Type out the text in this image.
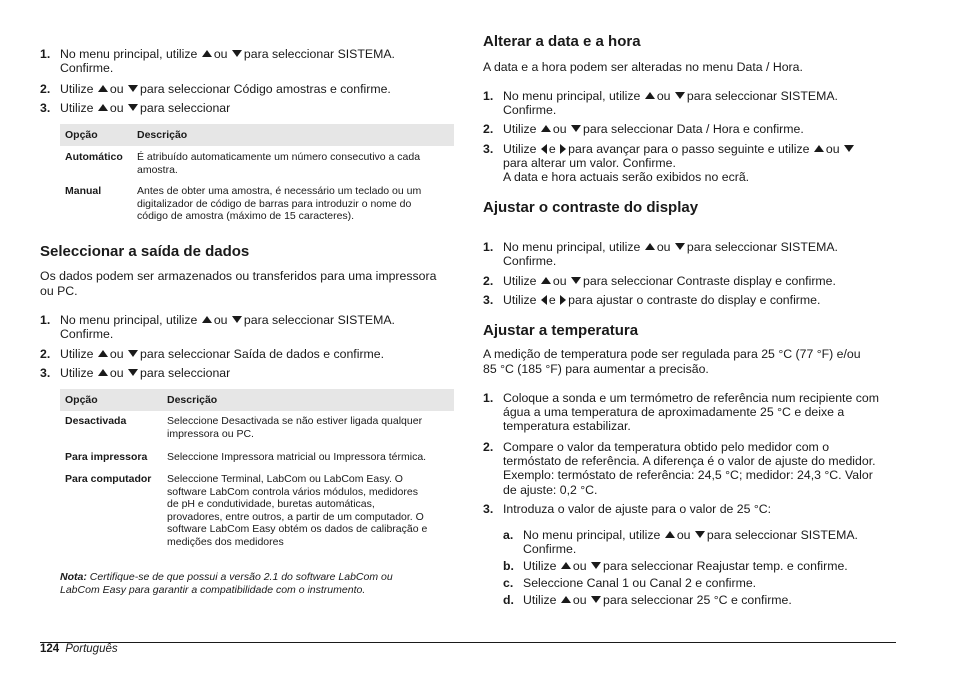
1. No menu principal, utilize ou para seleccionar SISTEMA.
Confirme.
2. Utilize ou para seleccionar Código amostras e confirme.
3. Utilize ou para seleccionar
Opção	Descrição
Automático É atribuído automaticamente um número consecutivo a cada
amostra.
Manual	Antes de obter uma amostra, é necessário um teclado ou um
digitalizador de código de barras para introduzir o nome do
código de amostra (máximo de 15 caracteres).
Seleccionar a saída de dados
Os dados podem ser armazenados ou transferidos para uma impressora
ou PC.
1. No menu principal, utilize ou para seleccionar SISTEMA.
Confirme.
2. Utilize ou para seleccionar Saída de dados e confirme.
3. Utilize ou para seleccionar
Opção	Descrição
Desactivada	Seleccione Desactivada se não estiver ligada qualquer
impressora ou PC.
Para impressora Seleccione Impressora matricial ou Impressora térmica.
Para computador Seleccione Terminal, LabCom ou LabCom Easy. O
software LabCom controla vários módulos, medidores
de pH e condutividade, buretas automáticas,
provadores, entre outros, a partir de um computador. O
software LabCom Easy obtém os dados de calibração e
medições dos medidores
Nota: Certifique-se de que possui a versão 2.1 do software LabCom ou
LabCom Easy para garantir a compatibilidade com o instrumento.
Alterar a data e a hora
A data e a hora podem ser alteradas no menu Data / Hora.
1. No menu principal, utilize ou para seleccionar SISTEMA.
Confirme.
2. Utilize ou para seleccionar Data / Hora e confirme.
3. Utilize e para avançar para o passo seguinte e utilize ou
para alterar um valor. Confirme.
A data e hora actuais serão exibidos no ecrã.
Ajustar o contraste do display
1. No menu principal, utilize ou para seleccionar SISTEMA.
Confirme.
2. Utilize ou para seleccionar Contraste display e confirme.
3. Utilize e para ajustar o contraste do display e confirme.
Ajustar a temperatura
A medição de temperatura pode ser regulada para 25 °C (77 °F) e/ou
85 °C (185 °F) para aumentar a precisão.
1. Coloque a sonda e um termómetro de referência num recipiente com
água a uma temperatura de aproximadamente 25 °C e deixe a
temperatura estabilizar.
2. Compare o valor da temperatura obtido pelo medidor com o
termóstato de referência. A diferença é o valor de ajuste do medidor.
Exemplo: termóstato de referência: 24,5 °C; medidor: 24,3 °C. Valor
de ajuste: 0,2 °C.
3. Introduza o valor de ajuste para o valor de 25 °C:
a. No menu principal, utilize ou para seleccionar SISTEMA.
Confirme.
b. Utilize ou para seleccionar Reajustar temp. e confirme.
c. Seleccione Canal 1 ou Canal 2 e confirme.
d. Utilize ou para seleccionar 25 °C e confirme.
124 Português
